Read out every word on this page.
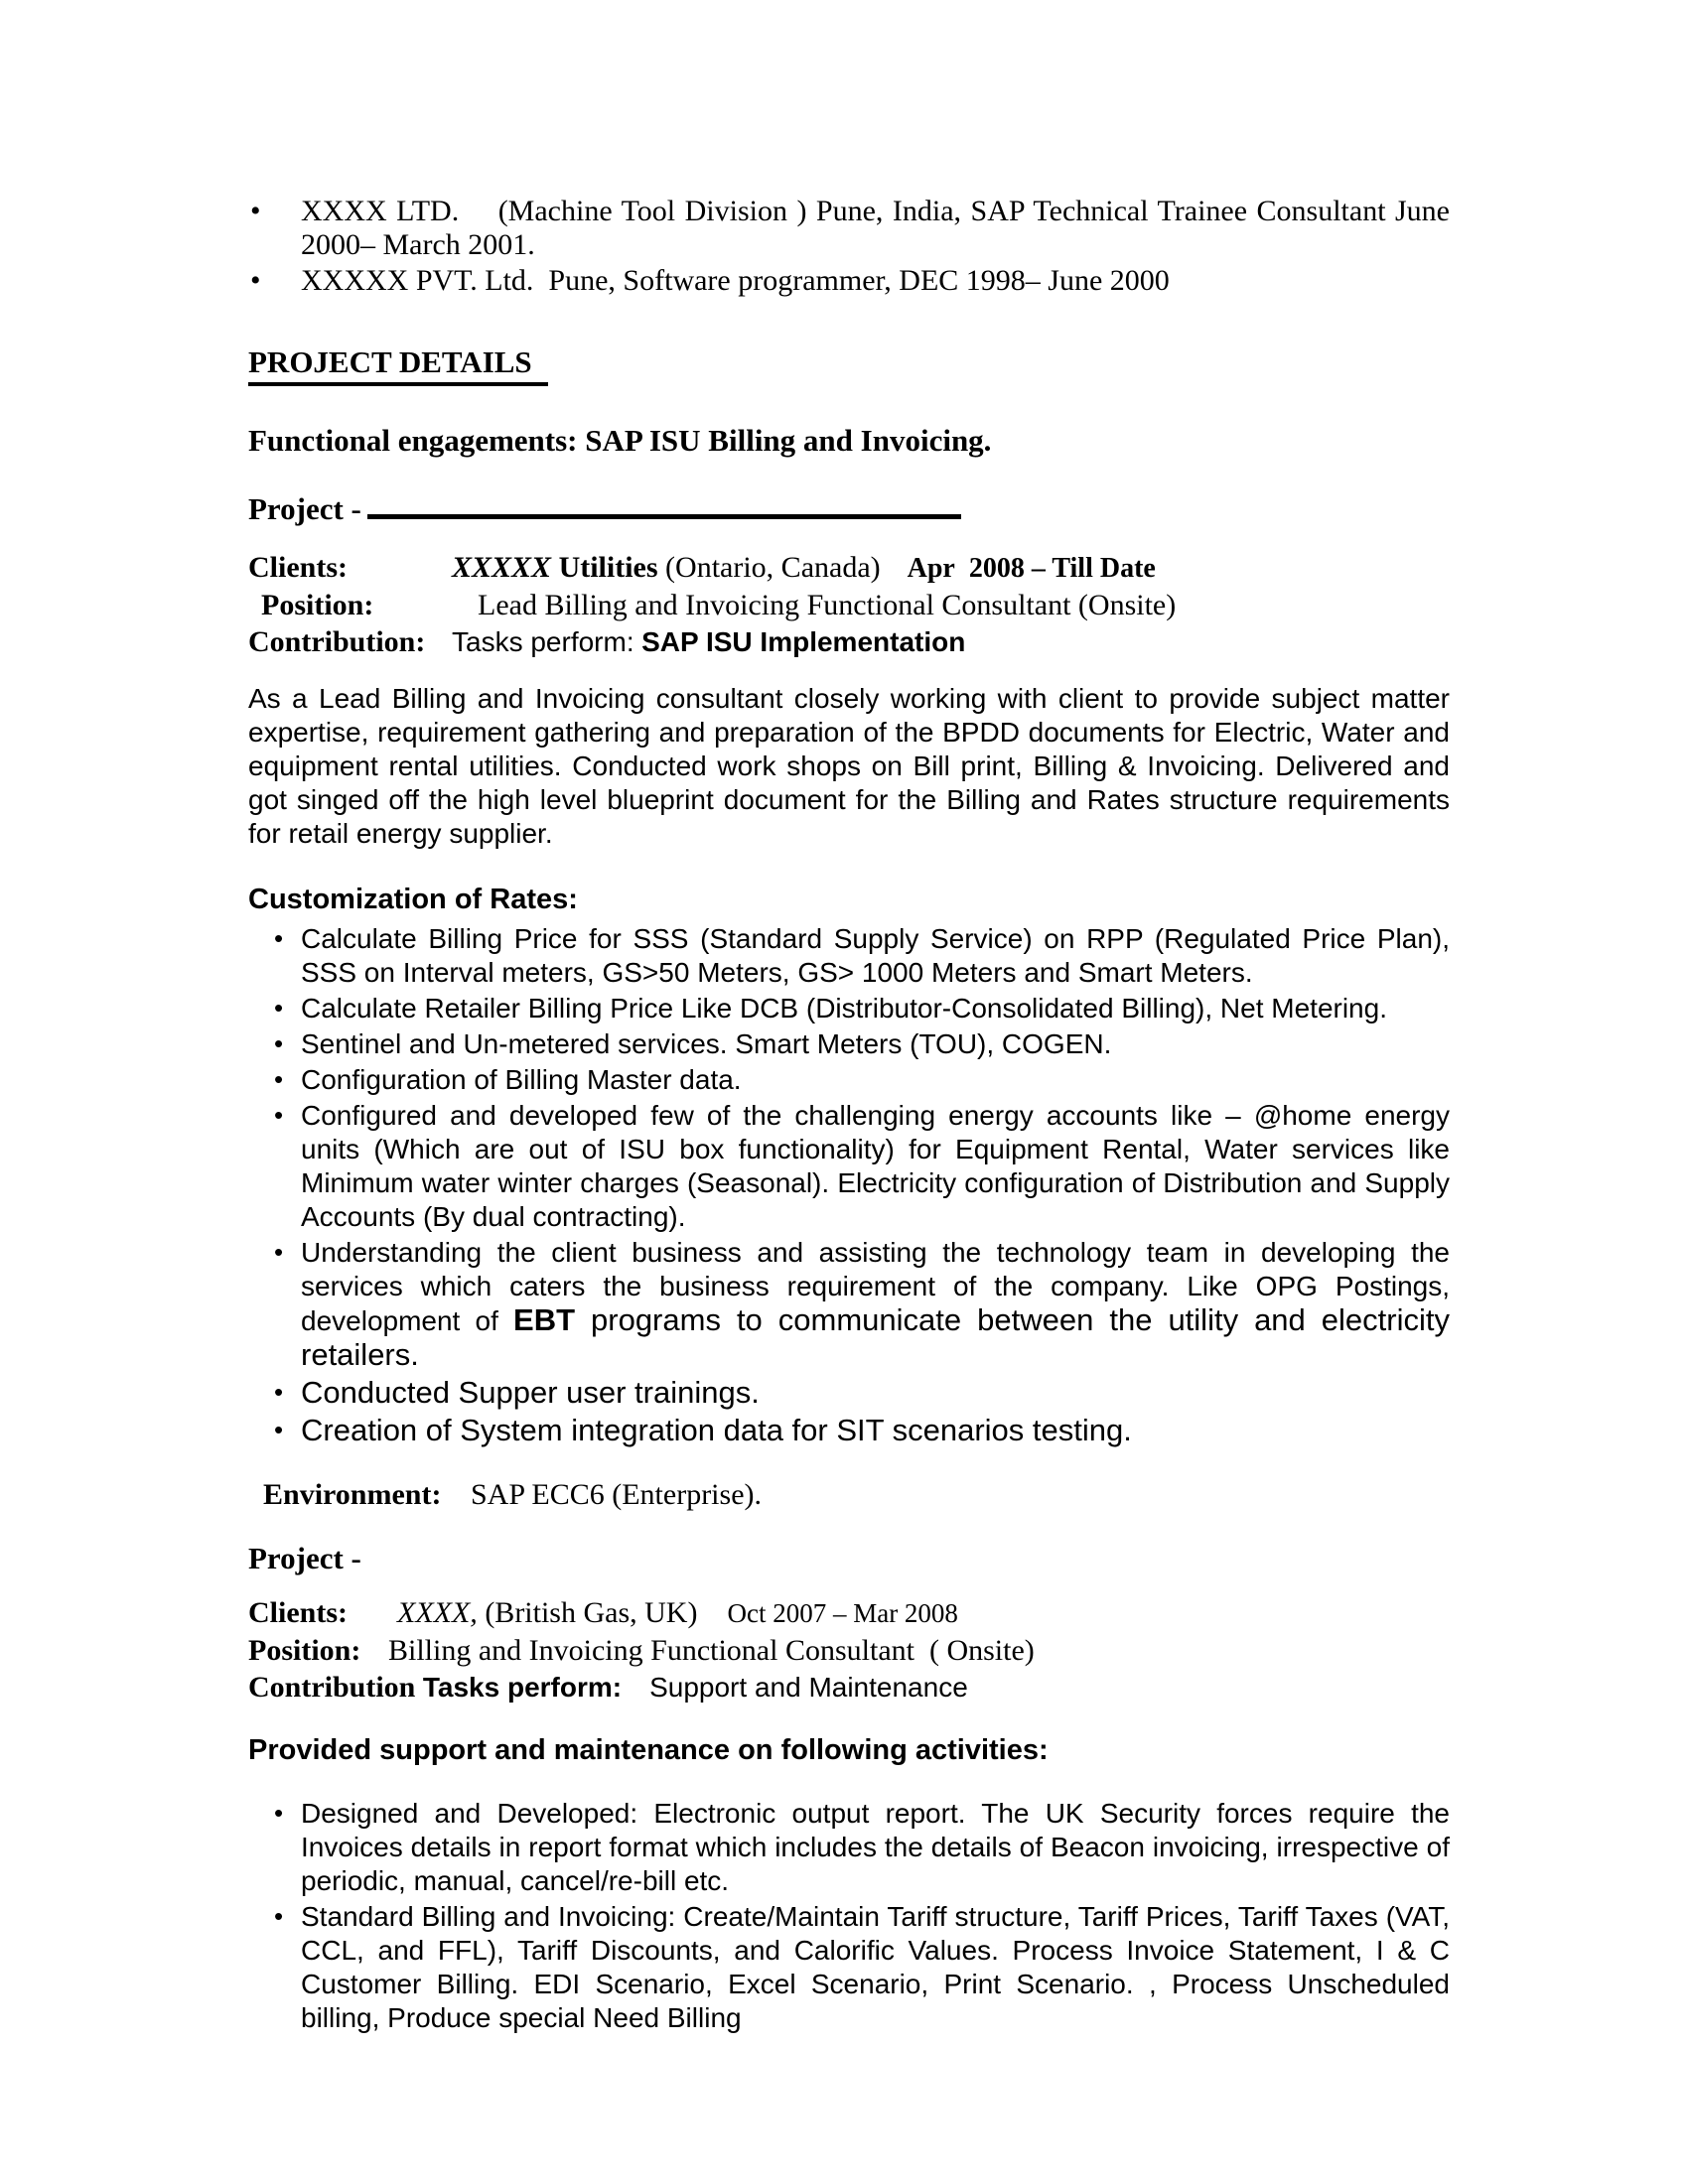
• XXXX LTD.  (Machine Tool Division ) Pune, India, SAP Technical Trainee Consultant June 2000– March 2001.
• XXXXX PVT. Ltd.  Pune, Software programmer, DEC 1998– June 2000
PROJECT DETAILS
Functional engagements: SAP ISU Billing and Invoicing.
Project -
Clients:	XXXXX Utilities (Ontario, Canada) Apr  2008 – Till Date
Position:	Lead Billing and Invoicing Functional Consultant (Onsite)
Contribution: Tasks perform: SAP ISU Implementation

As a Lead Billing and Invoicing consultant closely working with client to provide subject matter expertise, requirement gathering and preparation of the BPDD documents for Electric, Water and equipment rental utilities. Conducted work shops on Bill print, Billing & Invoicing. Delivered and got singed off the high level blueprint document for the Billing and Rates structure requirements for retail energy supplier.

Customization of Rates:
• Calculate Billing Price for SSS (Standard Supply Service) on RPP (Regulated Price Plan), SSS on Interval meters, GS>50 Meters, GS> 1000 Meters and Smart Meters.
• Calculate Retailer Billing Price Like DCB (Distributor-Consolidated Billing), Net Metering.
• Sentinel and Un-metered services. Smart Meters (TOU), COGEN.
• Configuration of Billing Master data.
• Configured and developed few of the challenging energy accounts like – @home energy units (Which are out of ISU box functionality) for Equipment Rental, Water services like Minimum water winter charges (Seasonal). Electricity configuration of Distribution and Supply Accounts (By dual contracting).
• Understanding the client business and assisting the technology team in developing the services which caters the business requirement of the company. Like OPG Postings, development of EBT programs to communicate between the utility and electricity retailers.
• Conducted Supper user trainings.
• Creation of System integration data for SIT scenarios testing.
Environment: SAP ECC6 (Enterprise).
Project -
Clients: XXXX, (British Gas, UK) Oct 2007 – Mar 2008
Position: Billing and Invoicing Functional Consultant  ( Onsite)
Contribution Tasks perform: Support and Maintenance
Provided support and maintenance on following activities:
• Designed and Developed: Electronic output report. The UK Security forces require the Invoices details in report format which includes the details of Beacon invoicing, irrespective of periodic, manual, cancel/re-bill etc.
• Standard Billing and Invoicing: Create/Maintain Tariff structure, Tariff Prices, Tariff Taxes (VAT, CCL, and FFL), Tariff Discounts, and Calorific Values. Process Invoice Statement, I & C Customer Billing. EDI Scenario, Excel Scenario, Print Scenario. , Process Unscheduled billing, Produce special Need Billing
